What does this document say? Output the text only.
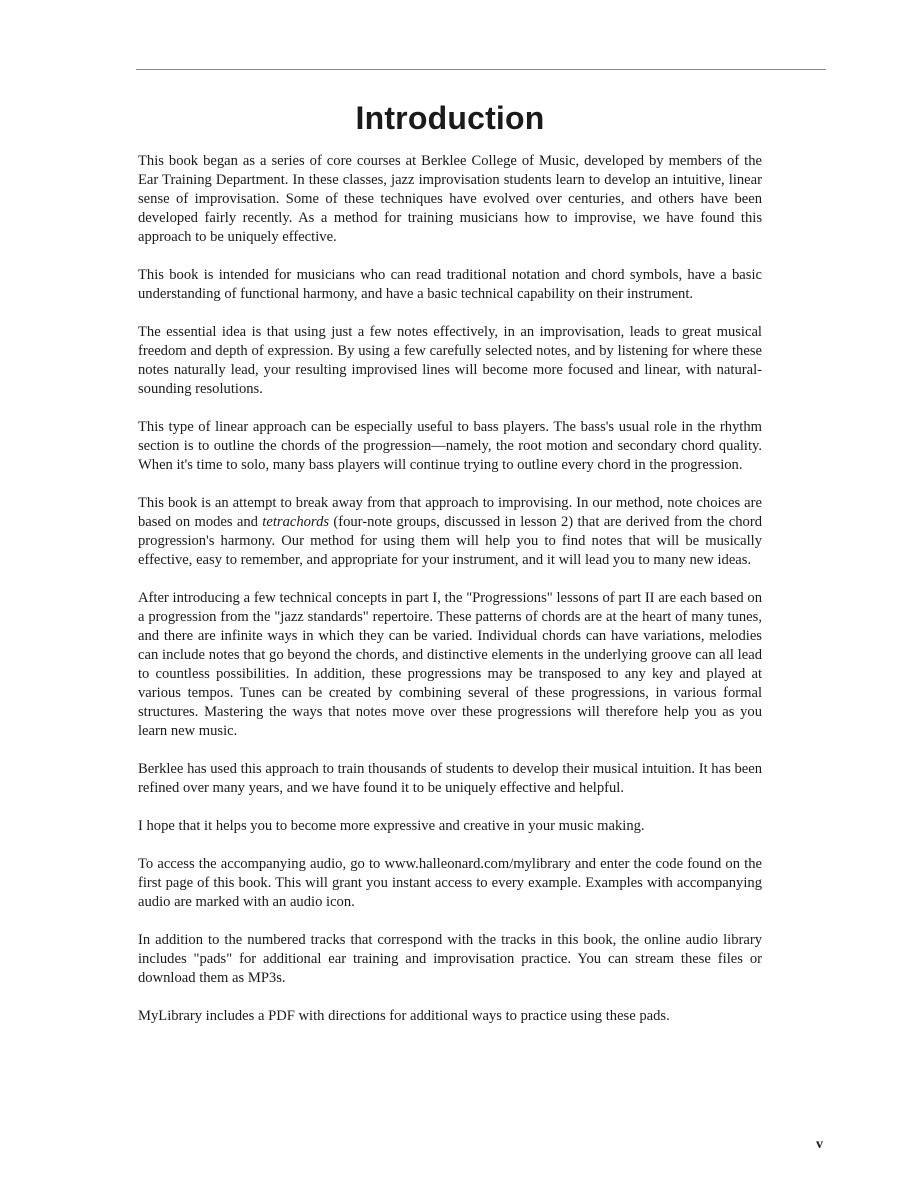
Introduction

This book began as a series of core courses at Berklee College of Music, developed by members of the Ear Training Department. In these classes, jazz improvisation students learn to develop an intuitive, linear sense of improvisation. Some of these techniques have evolved over centuries, and others have been developed fairly recently. As a method for training musicians how to improvise, we have found this approach to be uniquely effective.

This book is intended for musicians who can read traditional notation and chord symbols, have a basic understanding of functional harmony, and have a basic technical capability on their instrument.

The essential idea is that using just a few notes effectively, in an improvisation, leads to great musical freedom and depth of expression. By using a few carefully selected notes, and by listening for where these notes naturally lead, your resulting improvised lines will become more focused and linear, with natural-sounding resolutions.

This type of linear approach can be especially useful to bass players. The bass's usual role in the rhythm section is to outline the chords of the progression—namely, the root motion and secondary chord quality. When it's time to solo, many bass players will continue trying to outline every chord in the progression.

This book is an attempt to break away from that approach to improvising. In our method, note choices are based on modes and tetrachords (four-note groups, discussed in lesson 2) that are derived from the chord progression's harmony. Our method for using them will help you to find notes that will be musically effective, easy to remember, and appropriate for your instrument, and it will lead you to many new ideas.

After introducing a few technical concepts in part I, the "Progressions" lessons of part II are each based on a progression from the "jazz standards" repertoire. These patterns of chords are at the heart of many tunes, and there are infinite ways in which they can be varied. Individual chords can have variations, melodies can include notes that go beyond the chords, and distinctive elements in the underlying groove can all lead to countless possibilities. In addition, these progressions may be transposed to any key and played at various tempos. Tunes can be created by combining several of these progressions, in various formal structures. Mastering the ways that notes move over these progressions will therefore help you as you learn new music.

Berklee has used this approach to train thousands of students to develop their musical intuition. It has been refined over many years, and we have found it to be uniquely effective and helpful.

I hope that it helps you to become more expressive and creative in your music making.

To access the accompanying audio, go to www.halleonard.com/mylibrary and enter the code found on the first page of this book. This will grant you instant access to every example. Examples with accompanying audio are marked with an audio icon.

In addition to the numbered tracks that correspond with the tracks in this book, the online audio library includes "pads" for additional ear training and improvisation practice. You can stream these files or download them as MP3s.

MyLibrary includes a PDF with directions for additional ways to practice using these pads.

v
